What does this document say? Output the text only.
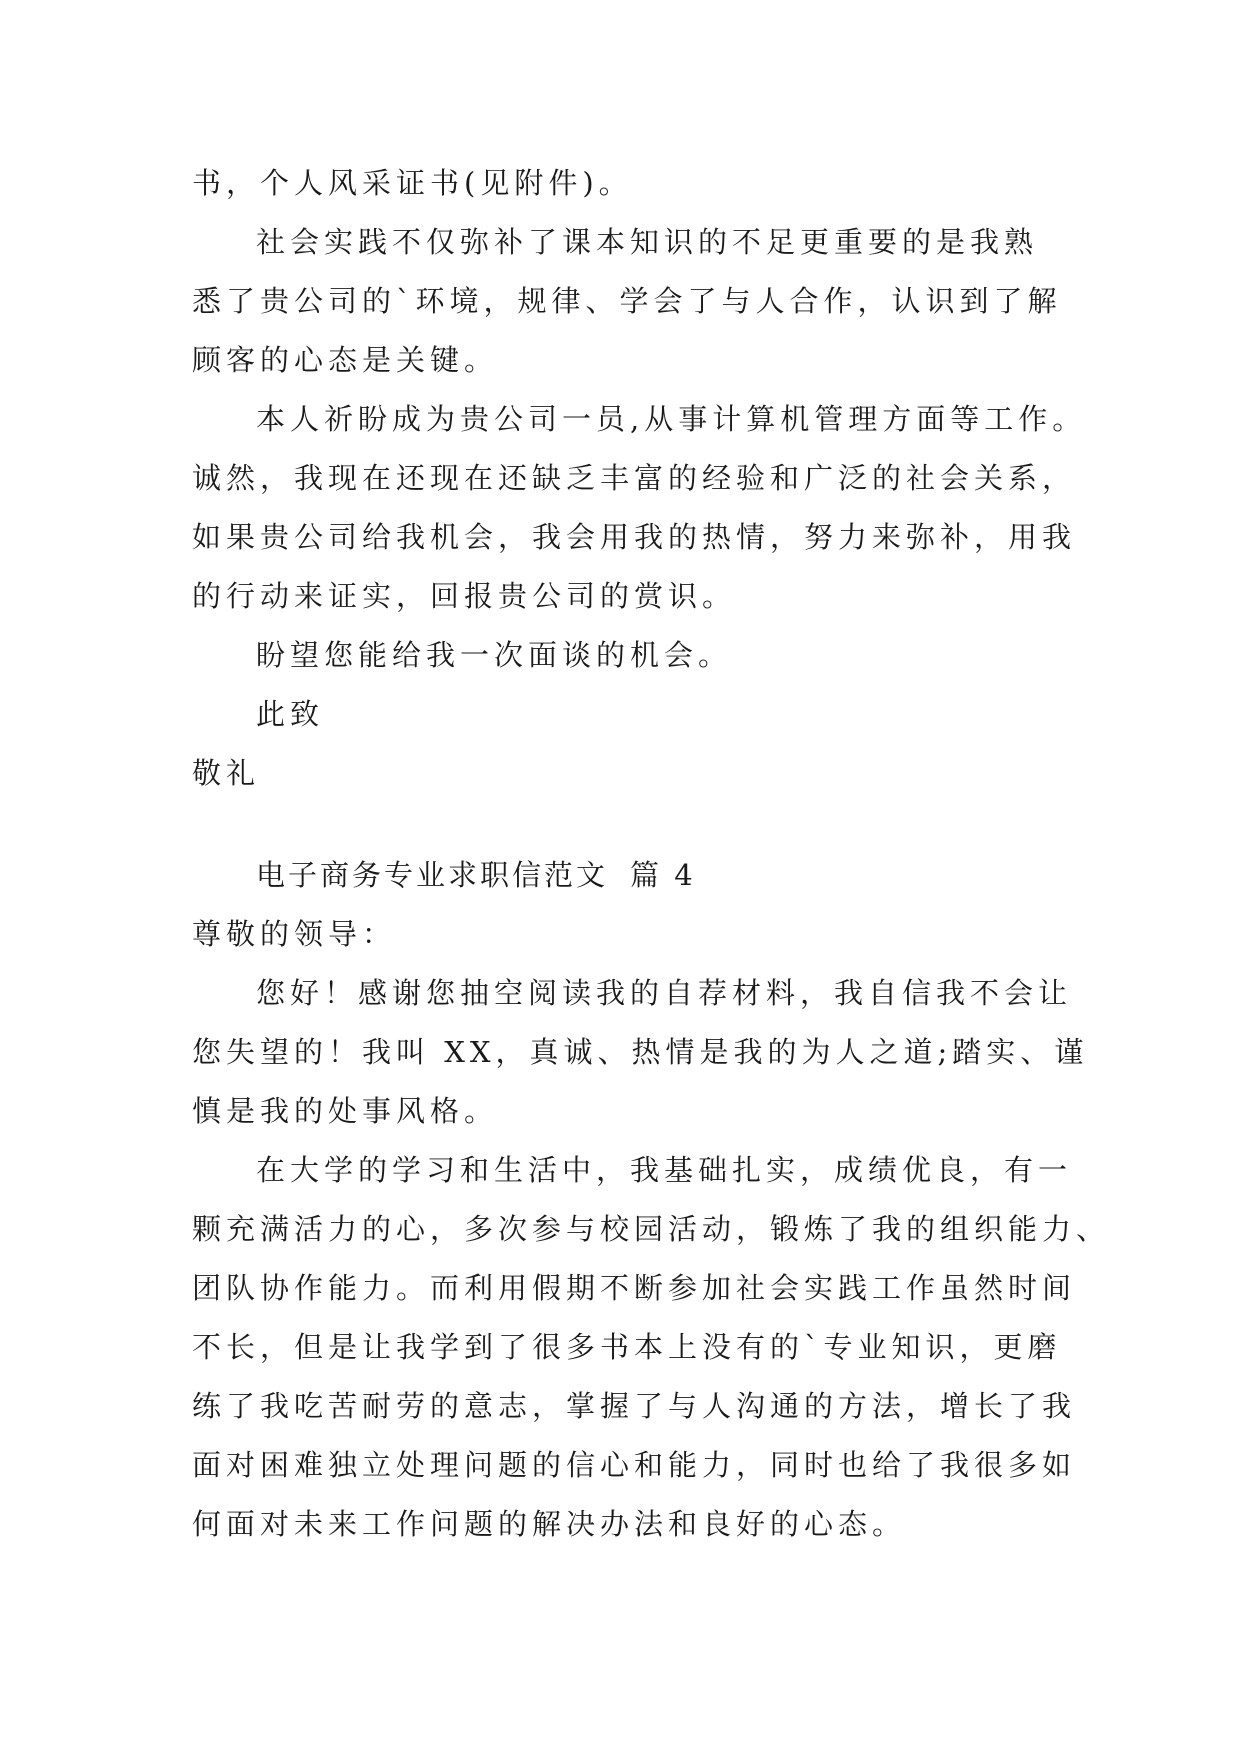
书，个人风采证书(见附件)。
社会实践不仅弥补了课本知识的不足更重要的是我熟
悉了贵公司的`环境，规律、学会了与人合作，认识到了解
顾客的心态是关键。
本人祈盼成为贵公司一员,从事计算机管理方面等工作。
诚然，我现在还现在还缺乏丰富的经验和广泛的社会关系，
如果贵公司给我机会，我会用我的热情，努力来弥补，用我
的行动来证实，回报贵公司的赏识。
盼望您能给我一次面谈的机会。
此致
敬礼
电子商务专业求职信范文 篇 4
尊敬的领导：
您好！感谢您抽空阅读我的自荐材料，我自信我不会让
您失望的！我叫 XX，真诚、热情是我的为人之道;踏实、谨
慎是我的处事风格。
在大学的学习和生活中，我基础扎实，成绩优良，有一
颗充满活力的心，多次参与校园活动，锻炼了我的组织能力、
团队协作能力。而利用假期不断参加社会实践工作虽然时间
不长，但是让我学到了很多书本上没有的`专业知识，更磨
练了我吃苦耐劳的意志，掌握了与人沟通的方法，增长了我
面对困难独立处理问题的信心和能力，同时也给了我很多如
何面对未来工作问题的解决办法和良好的心态。
